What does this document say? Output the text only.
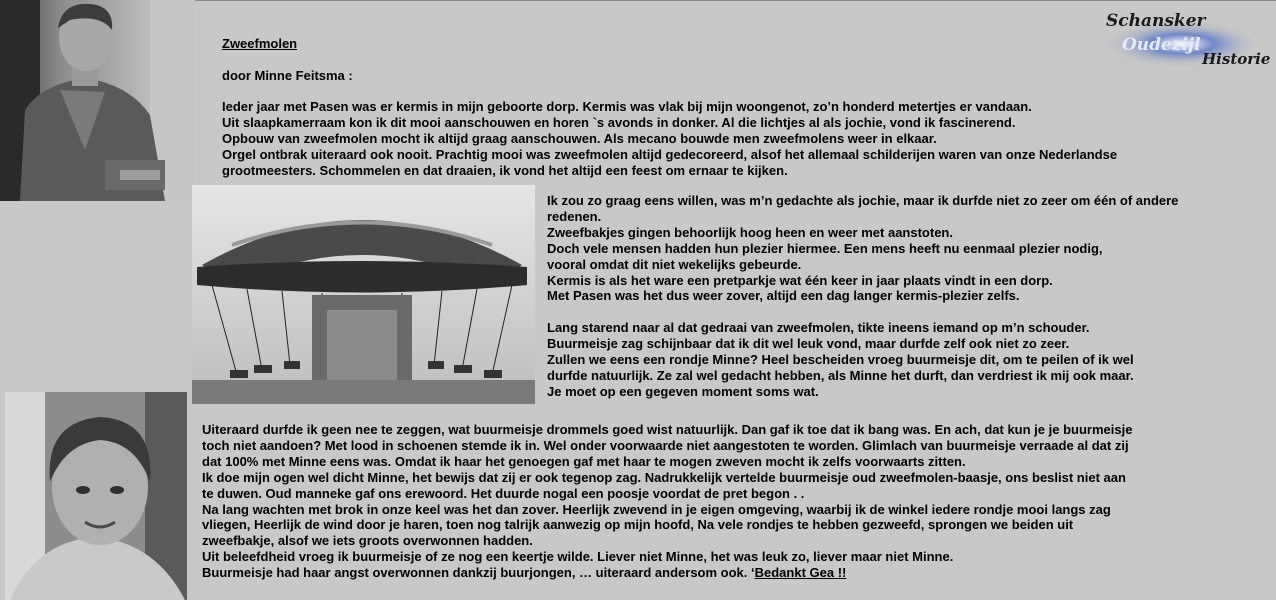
Schansker
Oudezijl
Historie
Zweefmolen
door Minne Feitsma :
Ieder jaar met Pasen was er kermis in mijn geboorte dorp. Kermis was vlak bij mijn woongenot, zo’n honderd metertjes er vandaan.
Uit slaapkamerraam kon ik dit mooi aanschouwen en horen `s avonds in donker. Al die lichtjes al als jochie, vond ik fascinerend.
Opbouw van zweefmolen mocht ik altijd graag aanschouwen. Als mecano bouwde men zweefmolens weer in elkaar.
Orgel ontbrak uiteraard ook nooit. Prachtig mooi was zweefmolen altijd gedecoreerd, alsof het allemaal schilderijen waren van onze Nederlandse
grootmeesters. Schommelen en dat draaien, ik vond het altijd een feest om ernaar te kijken.
Ik zou zo graag eens willen, was m’n gedachte als jochie, maar ik durfde niet zo zeer om één of andere
redenen.
Zweefbakjes gingen behoorlijk hoog heen en weer met aanstoten.
Doch vele mensen hadden hun plezier hiermee. Een mens heeft nu eenmaal plezier nodig,
vooral omdat dit niet wekelijks gebeurde.
Kermis is als het ware een pretparkje wat één keer in jaar plaats vindt in een dorp.
Met Pasen was het dus weer zover, altijd een dag langer kermis-plezier zelfs.
Lang starend naar al dat gedraai van zweefmolen, tikte ineens iemand op m’n schouder.
Buurmeisje zag schijnbaar dat ik dit wel leuk vond, maar durfde zelf ook niet zo zeer.
Zullen we eens een rondje Minne? Heel bescheiden vroeg buurmeisje dit, om te peilen of ik wel
durfde natuurlijk. Ze zal wel gedacht hebben, als Minne het durft, dan verdriest ik mij ook maar.
Je moet op een gegeven moment soms wat.
Uiteraard durfde ik geen nee te zeggen, wat buurmeisje drommels goed wist natuurlijk. Dan gaf ik toe dat ik bang was. En ach, dat kun je je buurmeisje
toch niet aandoen? Met lood in schoenen stemde ik in. Wel onder voorwaarde niet aangestoten te worden. Glimlach van buurmeisje verraade al dat zij
dat 100% met Minne eens was. Omdat ik haar het genoegen gaf met haar te mogen zweven mocht ik zelfs voorwaarts zitten.
Ik doe mijn ogen wel dicht Minne, het bewijs dat zij er ook tegenop zag. Nadrukkelijk vertelde buurmeisje oud zweefmolen-baasje, ons beslist niet aan
te duwen. Oud manneke gaf ons erewoord. Het duurde nogal een poosje voordat de pret begon . .
Na lang wachten met brok in onze keel was het dan zover. Heerlijk zwevend in je eigen omgeving, waarbij ik de winkel iedere rondje mooi langs zag
vliegen, Heerlijk de wind door je haren, toen nog talrijk aanwezig op mijn hoofd, Na vele rondjes te hebben gezweefd, sprongen we beiden uit
zweefbakje, alsof we iets groots overwonnen hadden.
Uit beleefdheid vroeg ik buurmeisje of ze nog een keertje wilde. Liever niet Minne, het was leuk zo, liever maar niet Minne.
Buurmeisje had haar angst overwonnen dankzij buurjongen, … uiteraard andersom ook. ‘Bedankt Gea !!
